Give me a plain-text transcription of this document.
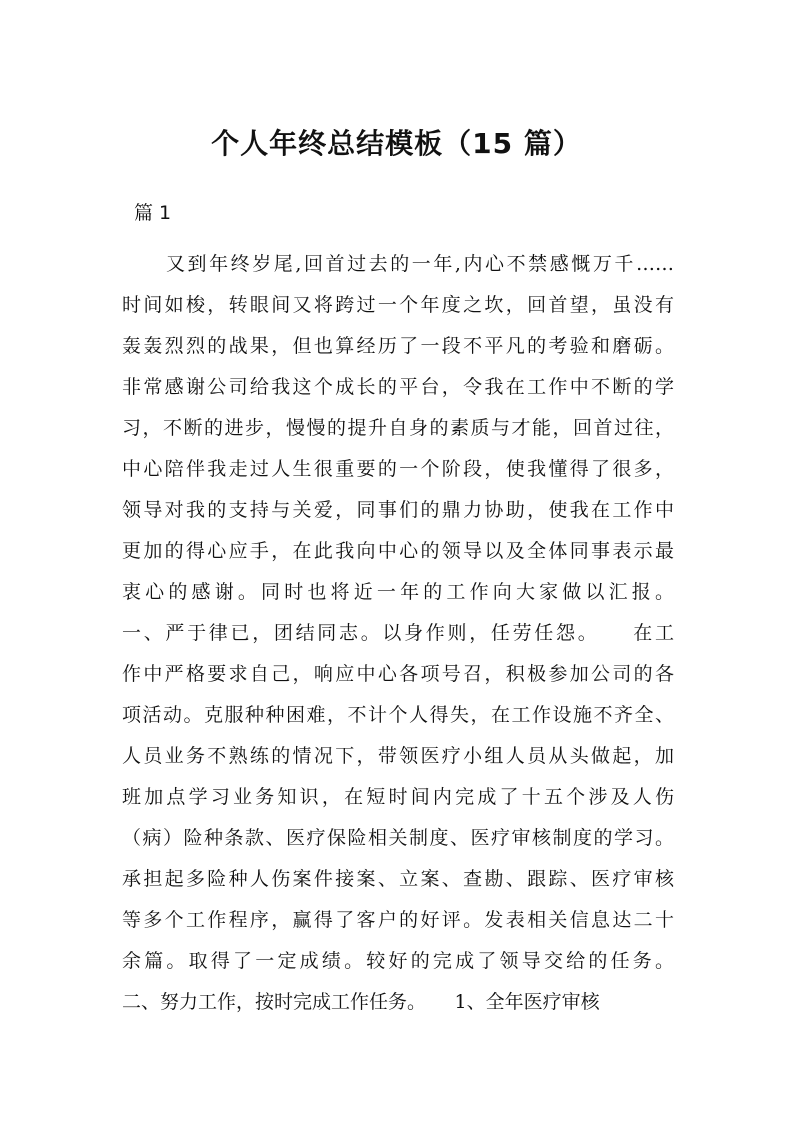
个人年终总结模板（15 篇）
篇 1
又到年终岁尾,回首过去的一年,内心不禁感慨万千……
时间如梭，转眼间又将跨过一个年度之坎，回首望，虽没有
轰轰烈烈的战果，但也算经历了一段不平凡的考验和磨砺。
非常感谢公司给我这个成长的平台，令我在工作中不断的学
习，不断的进步，慢慢的提升自身的素质与才能，回首过往，
中心陪伴我走过人生很重要的一个阶段，使我懂得了很多，
领导对我的支持与关爱，同事们的鼎力协助，使我在工作中
更加的得心应手，在此我向中心的领导以及全体同事表示最
衷心的感谢。同时也将近一年的工作向大家做以汇报。
一、严于律已，团结同志。以身作则，任劳任怨。　　在工
作中严格要求自己，响应中心各项号召，积极参加公司的各
项活动。克服种种困难，不计个人得失，在工作设施不齐全、
人员业务不熟练的情况下，带领医疗小组人员从头做起，加
班加点学习业务知识，在短时间内完成了十五个涉及人伤
（病）险种条款、医疗保险相关制度、医疗审核制度的学习。
承担起多险种人伤案件接案、立案、查勘、跟踪、医疗审核
等多个工作程序，赢得了客户的好评。发表相关信息达二十
余篇。取得了一定成绩。较好的完成了领导交给的任务。
二、努力工作，按时完成工作任务。　　1、全年医疗审核
